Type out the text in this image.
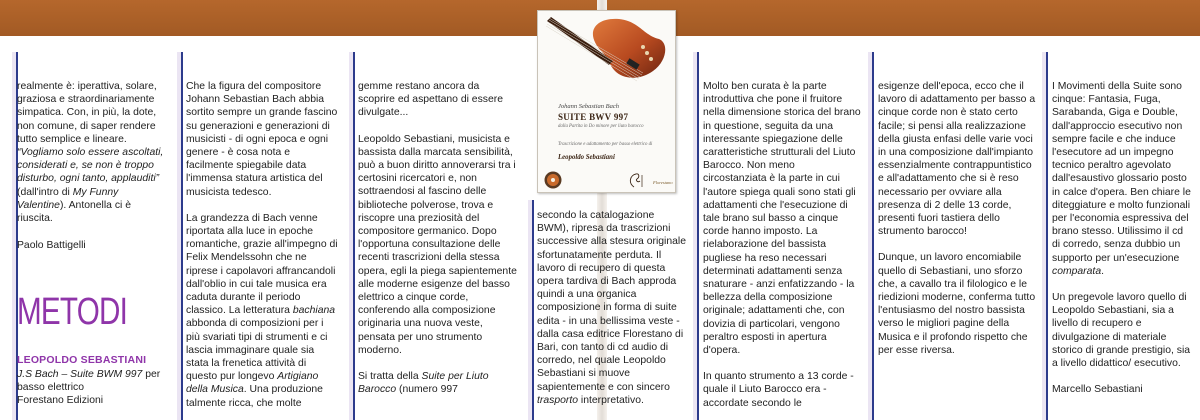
realmente è: iperattiva, solare, graziosa e straordinariamente simpatica. Con, in più, la dote, non comune, di saper rendere tutto semplice e lineare. “Vogliamo solo essere ascoltati, considerati e, se non è troppo disturbo, ogni tanto, applauditi” (dall'intro di My Funny Valentine). Antonella ci è riuscita.

Paolo Battigelli

METODI
LEOPOLDO SEBASTIANI
J.S Bach – Suite BWM 997 per basso elettrico
Forestano Edizioni

Che la figura del compositore Johann Sebastian Bach abbia sortito sempre un grande fascino su generazioni e generazioni di musicisti - di ogni epoca e ogni genere - è cosa nota e facilmente spiegabile data l'immensa statura artistica del musicista tedesco.

La grandezza di Bach venne riportata alla luce in epoche romantiche, grazie all'impegno di Felix Mendelssohn che ne riprese i capolavori affrancandoli dall'oblio in cui tale musica era caduta durante il periodo classico. La letteratura bachiana abbonda di composizioni per i più svariati tipi di strumenti e ci lascia immaginare quale sia stata la frenetica attività di questo pur longevo Artigiano della Musica. Una produzione talmente ricca, che molte

gemme restano ancora da scoprire ed aspettano di essere divulgate...

Leopoldo Sebastiani, musicista e bassista dalla marcata sensibilità, può a buon diritto annoverarsi tra i certosini ricercatori e, non sottraendosi al fascino delle biblioteche polverose, trova e riscopre una preziosità del compositore germanico. Dopo l'opportuna consultazione delle recenti trascrizioni della stessa opera, egli la piega sapientemente alle moderne esigenze del basso elettrico a cinque corde, conferendo alla composizione originaria una nuova veste, pensata per uno strumento moderno.

Si tratta della Suite per Liuto Barocco (numero 997

Johann Sebastian Bach
SUITE BWV 997
dalla Partita in Do minore per liuto barocco
Trascrizione e adattamento per basso elettrico di
Leopoldo Sebastiani
Florestano

secondo la catalogazione BWM), ripresa da trascrizioni successive alla stesura originale sfortunatamente perduta. Il lavoro di recupero di questa opera tardiva di Bach approda quindi a una organica composizione in forma di suite edita - in una bellissima veste - dalla casa editrice Florestano di Bari, con tanto di cd audio di corredo, nel quale Leopoldo Sebastiani si muove sapientemente e con sincero trasporto interpretativo.

Molto ben curata è la parte introduttiva che pone il fruitore nella dimensione storica del brano in questione, seguita da una interessante spiegazione delle caratteristiche strutturali del Liuto Barocco. Non meno circostanziata è la parte in cui l'autore spiega quali sono stati gli adattamenti che l'esecuzione di tale brano sul basso a cinque corde hanno imposto. La rielaborazione del bassista pugliese ha reso necessari determinati adattamenti senza snaturare - anzi enfatizzando - la bellezza della composizione originale; adattamenti che, con dovizia di particolari, vengono peraltro esposti in apertura d'opera.

In quanto strumento a 13 corde - quale il Liuto Barocco era - accordate secondo le

esigenze dell'epoca, ecco che il lavoro di adattamento per basso a cinque corde non è stato certo facile; si pensi alla realizzazione della giusta enfasi delle varie voci in una composizione dall'impianto essenzialmente contrappuntistico e all'adattamento che si è reso necessario per ovviare alla presenza di 2 delle 13 corde, presenti fuori tastiera dello strumento barocco!

Dunque, un lavoro encomiabile quello di Sebastiani, uno sforzo che, a cavallo tra il filologico e le riedizioni moderne, conferma tutto l'entusiasmo del nostro bassista verso le migliori pagine della Musica e il profondo rispetto che per esse riversa.

I Movimenti della Suite sono cinque: Fantasia, Fuga, Sarabanda, Giga e Double, dall'approccio esecutivo non sempre facile e che induce l'esecutore ad un impegno tecnico peraltro agevolato dall'esaustivo glossario posto in calce d'opera. Ben chiare le diteggiature e molto funzionali per l'economia espressiva del brano stesso. Utilissimo il cd di corredo, senza dubbio un supporto per un'esecuzione comparata.

Un pregevole lavoro quello di Leopoldo Sebastiani, sia a livello di recupero e divulgazione di materiale storico di grande prestigio, sia a livello didattico/ esecutivo.

Marcello Sebastiani
